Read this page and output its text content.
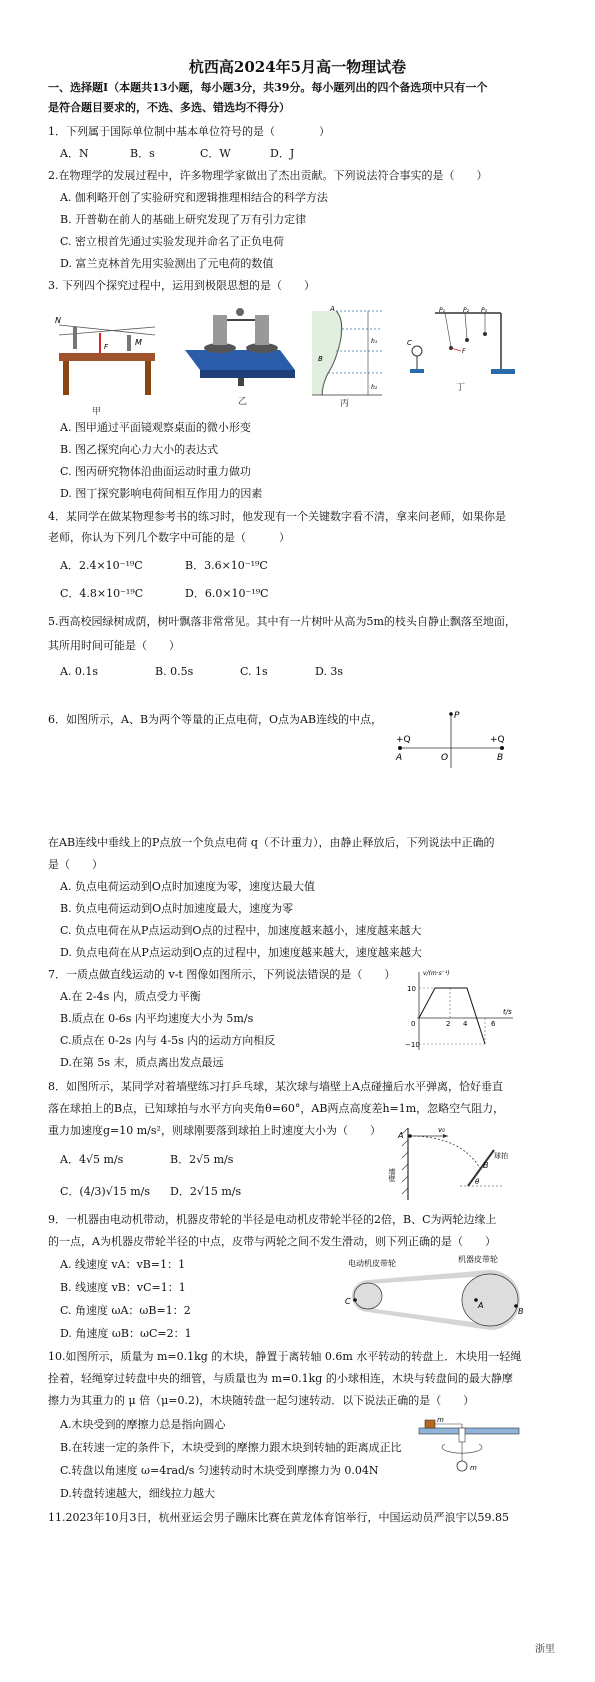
杭西高2024年5月高一物理试卷
一、选择题Ⅰ（本题共13小题，每小题3分，共39分。每小题列出的四个备选项中只有一个
是符合题目要求的，不选、多选、错选均不得分）
1．下列属于国际单位制中基本单位符号的是（　　　　）
A．N	B．s	C．W	D．J
2.在物理学的发展过程中，许多物理学家做出了杰出贡献。下列说法符合事实的是（　　）
A. 伽利略开创了实验研究和逻辑推理相结合的科学方法
B. 开普勒在前人的基础上研究发现了万有引力定律
C. 密立根首先通过实验发现并命名了正负电荷
D. 富兰克林首先用实验测出了元电荷的数值
3. 下列四个探究过程中，运用到极限思想的是（　　）
N
M
F
甲
乙
A
B
h₁
h₂
丙
P₁	P₂ P₃
F
C
丁
A. 图甲通过平面镜观察桌面的微小形变
B. 图乙探究向心力大小的表达式
C. 图丙研究物体沿曲面运动时重力做功
D. 图丁探究影响电荷间相互作用力的因素
4．某同学在做某物理参考书的练习时，他发现有一个关键数字看不清，拿来问老师，如果你是
老师，你认为下列几个数字中可能的是（　　　）
A．2.4×10⁻¹⁹C	B．3.6×10⁻¹⁹C
C．4.8×10⁻¹⁹C	D．6.0×10⁻¹⁹C
5.西高校园绿树成荫，树叶飘落非常常见。其中有一片树叶从高为5m的枝头自静止飘落至地面，
其所用时间可能是（　　）
A. 0.1s	B. 0.5s	C. 1s	D. 3s
6．如图所示，A、B为两个等量的正点电荷，O点为AB连线的中点，	P
+Q	+Q
A	O	B
在AB连线中垂线上的P点放一个负点电荷 q（不计重力），由静止释放后，下列说法中正确的
是（　　）
A. 负点电荷运动到O点时加速度为零，速度达最大值
B. 负点电荷运动到O点时加速度最大，速度为零
C. 负点电荷在从P点运动到O点的过程中，加速度越来越小，速度越来越大
D. 负点电荷在从P点运动到O点的过程中，加速度越来越大，速度越来越大
7．一质点做直线运动的 v-t 图像如图所示，下列说法错误的是（　　）
A.在 2-4s 内，质点受力平衡
B.质点在 0-6s 内平均速度大小为 5m/s
C.质点在 0-2s 内与 4-5s 内的运动方向相反
D.在第 5s 末，质点离出发点最远
v/(m·s⁻¹)
t/s
10
−10
0	2 4	6
8．如图所示，某同学对着墙壁练习打乒乓球，某次球与墙壁上A点碰撞后水平弹离，恰好垂直
落在球拍上的B点，已知球拍与水平方向夹角θ=60°，AB两点高度差h=1m，忽略空气阻力，
重力加速度g=10 m/s²，则球刚要落到球拍上时速度大小为（　　）
A．4√5 m/s	B．2√5 m/s
C．(4/3)√15 m/s D．2√15 m/s
A
v₀
B
θ
球拍
墙壁
9．一机器由电动机带动，机器皮带轮的半径是电动机皮带轮半径的2倍，B、C为两轮边缘上
的一点，A为机器皮带轮半径的中点，皮带与两轮之间不发生滑动，则下列正确的是（　　）
A. 线速度 vA：vB=1：1
B. 线速度 vB：vC=1：1
C. 角速度 ωA：ωB=1：2
D. 角速度 ωB：ωC=2：1
电动机皮带轮	机器皮带轮
A
B
C
10.如图所示，质量为 m=0.1kg 的木块，静置于离转轴 0.6m 水平转动的转盘上．木块用一轻绳
拴着，轻绳穿过转盘中央的细管，与质量也为 m=0.1kg 的小球相连，木块与转盘间的最大静摩
擦力为其重力的 μ 倍（μ=0.2)，木块随转盘一起匀速转动．以下说法正确的是（　　）
A.木块受到的摩擦力总是指向圆心
B.在转速一定的条件下，木块受到的摩擦力跟木块到转轴的距离成正比
C.转盘以角速度 ω=4rad/s 匀速转动时木块受到摩擦力为 0.04N
D.转盘转速越大，细线拉力越大
m
m
11.2023年10月3日，杭州亚运会男子蹦床比赛在黄龙体育馆举行，中国运动员严浪宇以59.85
浙里
